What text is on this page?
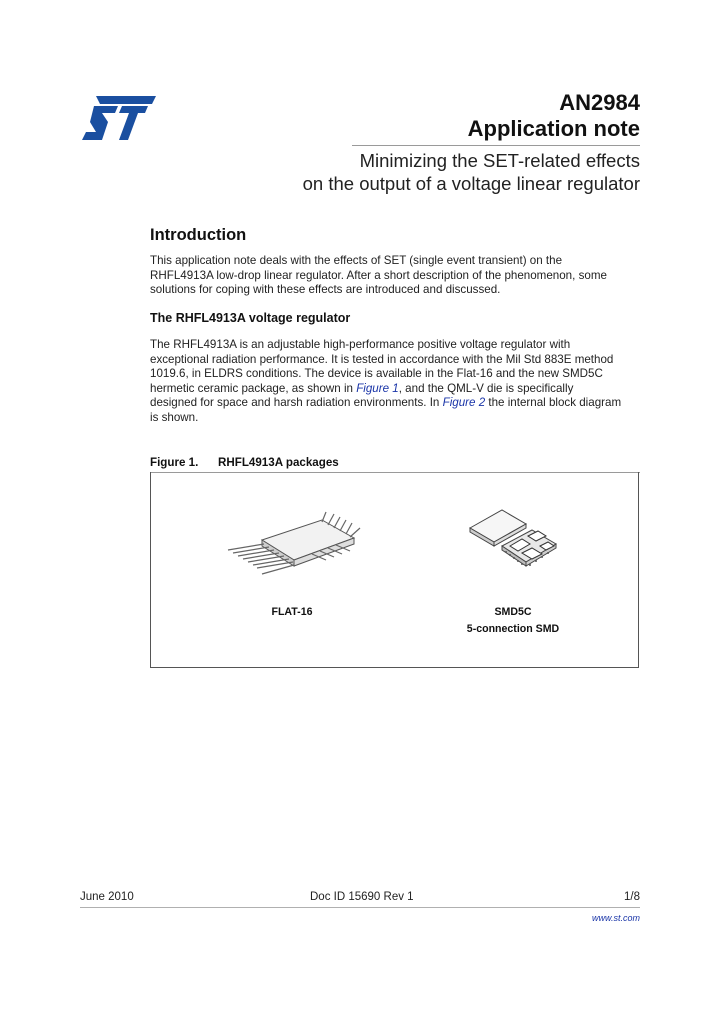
AN2984
Application note
Minimizing the SET-related effects
on the output of a voltage linear regulator
Introduction
This application note deals with the effects of SET (single event transient) on the
RHFL4913A low-drop linear regulator. After a short description of the phenomenon, some
solutions for coping with these effects are introduced and discussed.
The RHFL4913A voltage regulator
The RHFL4913A is an adjustable high-performance positive voltage regulator with
exceptional radiation performance. It is tested in accordance with the Mil Std 883E method
1019.6, in ELDRS conditions. The device is available in the Flat-16 and the new SMD5C
hermetic ceramic package, as shown in Figure 1, and the QML-V die is specifically
designed for space and harsh radiation environments. In Figure 2 the internal block diagram
is shown.
Figure 1. RHFL4913A packages
FLAT-16	SMD5C
5-connection SMD
June 2010	Doc ID 15690 Rev 1	1/8
www.st.com
